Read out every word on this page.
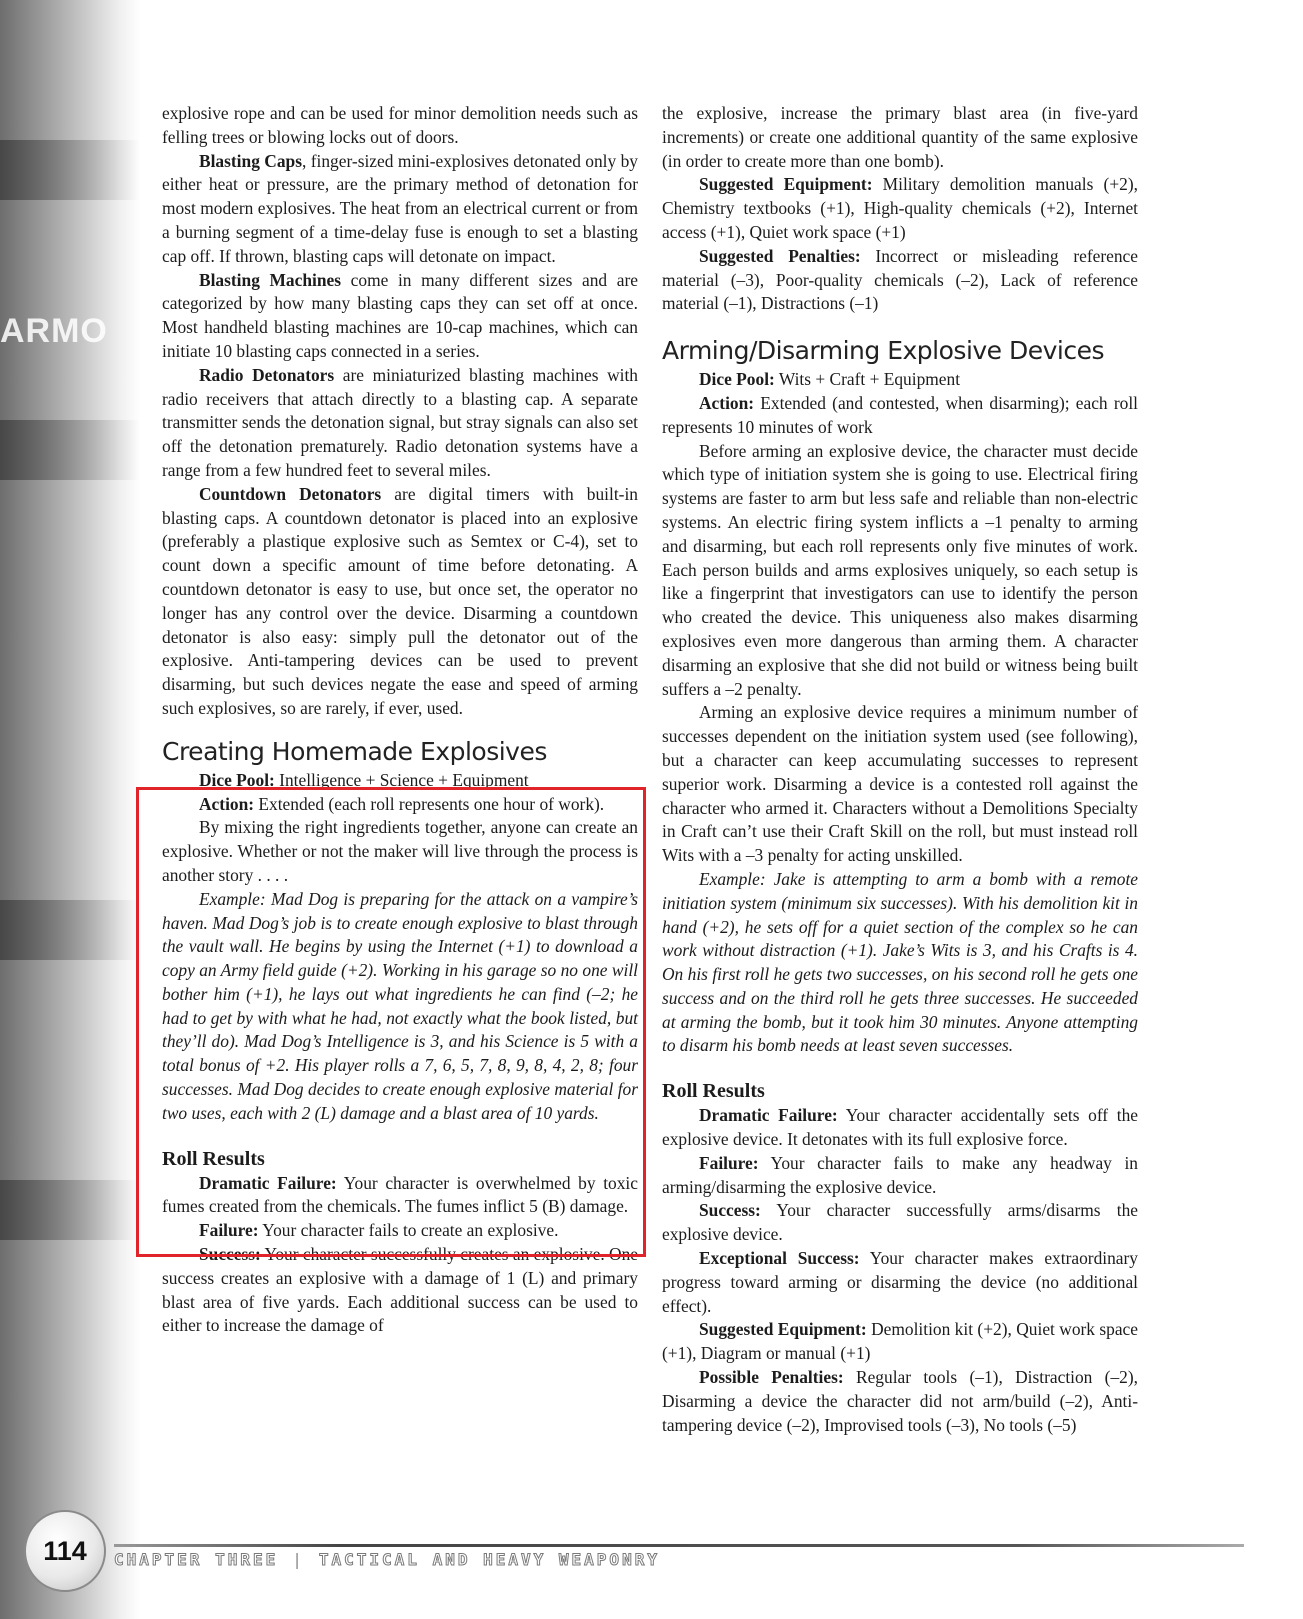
ARMO

explosive rope and can be used for minor demolition needs such as felling trees or blowing locks out of doors.

Blasting Caps, finger-sized mini-explosives detonated only by either heat or pressure, are the primary method of detonation for most modern explosives. The heat from an electrical current or from a burning segment of a time-delay fuse is enough to set a blasting cap off. If thrown, blasting caps will detonate on impact.

Blasting Machines come in many different sizes and are categorized by how many blasting caps they can set off at once. Most handheld blasting machines are 10-cap machines, which can initiate 10 blasting caps connected in a series.

Radio Detonators are miniaturized blasting machines with radio receivers that attach directly to a blasting cap. A separate transmitter sends the detonation signal, but stray signals can also set off the detonation prematurely. Radio detonation systems have a range from a few hundred feet to several miles.

Countdown Detonators are digital timers with built-in blasting caps. A countdown detonator is placed into an explosive (preferably a plastique explosive such as Semtex or C-4), set to count down a specific amount of time before detonating. A countdown detonator is easy to use, but once set, the operator no longer has any control over the device. Disarming a countdown detonator is also easy: simply pull the detonator out of the explosive. Anti-tampering devices can be used to prevent disarming, but such devices negate the ease and speed of arming such explosives, so are rarely, if ever, used.

Creating Homemade Explosives

Dice Pool: Intelligence + Science + Equipment

Action: Extended (each roll represents one hour of work).

By mixing the right ingredients together, anyone can create an explosive. Whether or not the maker will live through the process is another story . . . .

Example: Mad Dog is preparing for the attack on a vampire’s haven. Mad Dog’s job is to create enough explosive to blast through the vault wall. He begins by using the Internet (+1) to download a copy an Army field guide (+2). Working in his garage so no one will bother him (+1), he lays out what ingredients he can find (–2; he had to get by with what he had, not exactly what the book listed, but they’ll do). Mad Dog’s Intelligence is 3, and his Science is 5 with a total bonus of +2. His player rolls a 7, 6, 5, 7, 8, 9, 8, 4, 2, 8; four successes. Mad Dog decides to create enough explosive material for two uses, each with 2 (L) damage and a blast area of 10 yards.

Roll Results

Dramatic Failure: Your character is overwhelmed by toxic fumes created from the chemicals. The fumes inflict 5 (B) damage.

Failure: Your character fails to create an explosive.

Success: Your character successfully creates an explosive. One success creates an explosive with a damage of 1 (L) and primary blast area of five yards. Each additional success can be used to either to increase the damage of

the explosive, increase the primary blast area (in five-yard increments) or create one additional quantity of the same explosive (in order to create more than one bomb).

Suggested Equipment: Military demolition manuals (+2), Chemistry textbooks (+1), High-quality chemicals (+2), Internet access (+1), Quiet work space (+1)

Suggested Penalties: Incorrect or misleading reference material (–3), Poor-quality chemicals (–2), Lack of reference material (–1), Distractions (–1)

Arming/Disarming Explosive Devices

Dice Pool: Wits + Craft + Equipment

Action: Extended (and contested, when disarming); each roll represents 10 minutes of work

Before arming an explosive device, the character must decide which type of initiation system she is going to use. Electrical firing systems are faster to arm but less safe and reliable than non-electric systems. An electric firing system inflicts a –1 penalty to arming and disarming, but each roll represents only five minutes of work. Each person builds and arms explosives uniquely, so each setup is like a fingerprint that investigators can use to identify the person who created the device. This uniqueness also makes disarming explosives even more dangerous than arming them. A character disarming an explosive that she did not build or witness being built suffers a –2 penalty.

Arming an explosive device requires a minimum number of successes dependent on the initiation system used (see following), but a character can keep accumulating successes to represent superior work. Disarming a device is a contested roll against the character who armed it. Characters without a Demolitions Specialty in Craft can’t use their Craft Skill on the roll, but must instead roll Wits with a –3 penalty for acting unskilled.

Example: Jake is attempting to arm a bomb with a remote initiation system (minimum six successes). With his demolition kit in hand (+2), he sets off for a quiet section of the complex so he can work without distraction (+1). Jake’s Wits is 3, and his Crafts is 4. On his first roll he gets two successes, on his second roll he gets one success and on the third roll he gets three successes. He succeeded at arming the bomb, but it took him 30 minutes. Anyone attempting to disarm his bomb needs at least seven successes.

Roll Results

Dramatic Failure: Your character accidentally sets off the explosive device. It detonates with its full explosive force.

Failure: Your character fails to make any headway in arming/disarming the explosive device.

Success: Your character successfully arms/disarms the explosive device.

Exceptional Success: Your character makes extraordinary progress toward arming or disarming the device (no additional effect).

Suggested Equipment: Demolition kit (+2), Quiet work space (+1), Diagram or manual (+1)

Possible Penalties: Regular tools (–1), Distraction (–2), Disarming a device the character did not arm/build (–2), Anti-tampering device (–2), Improvised tools (–3), No tools (–5)

114	CHAPTER THREE | TACTICAL AND HEAVY WEAPONRY
